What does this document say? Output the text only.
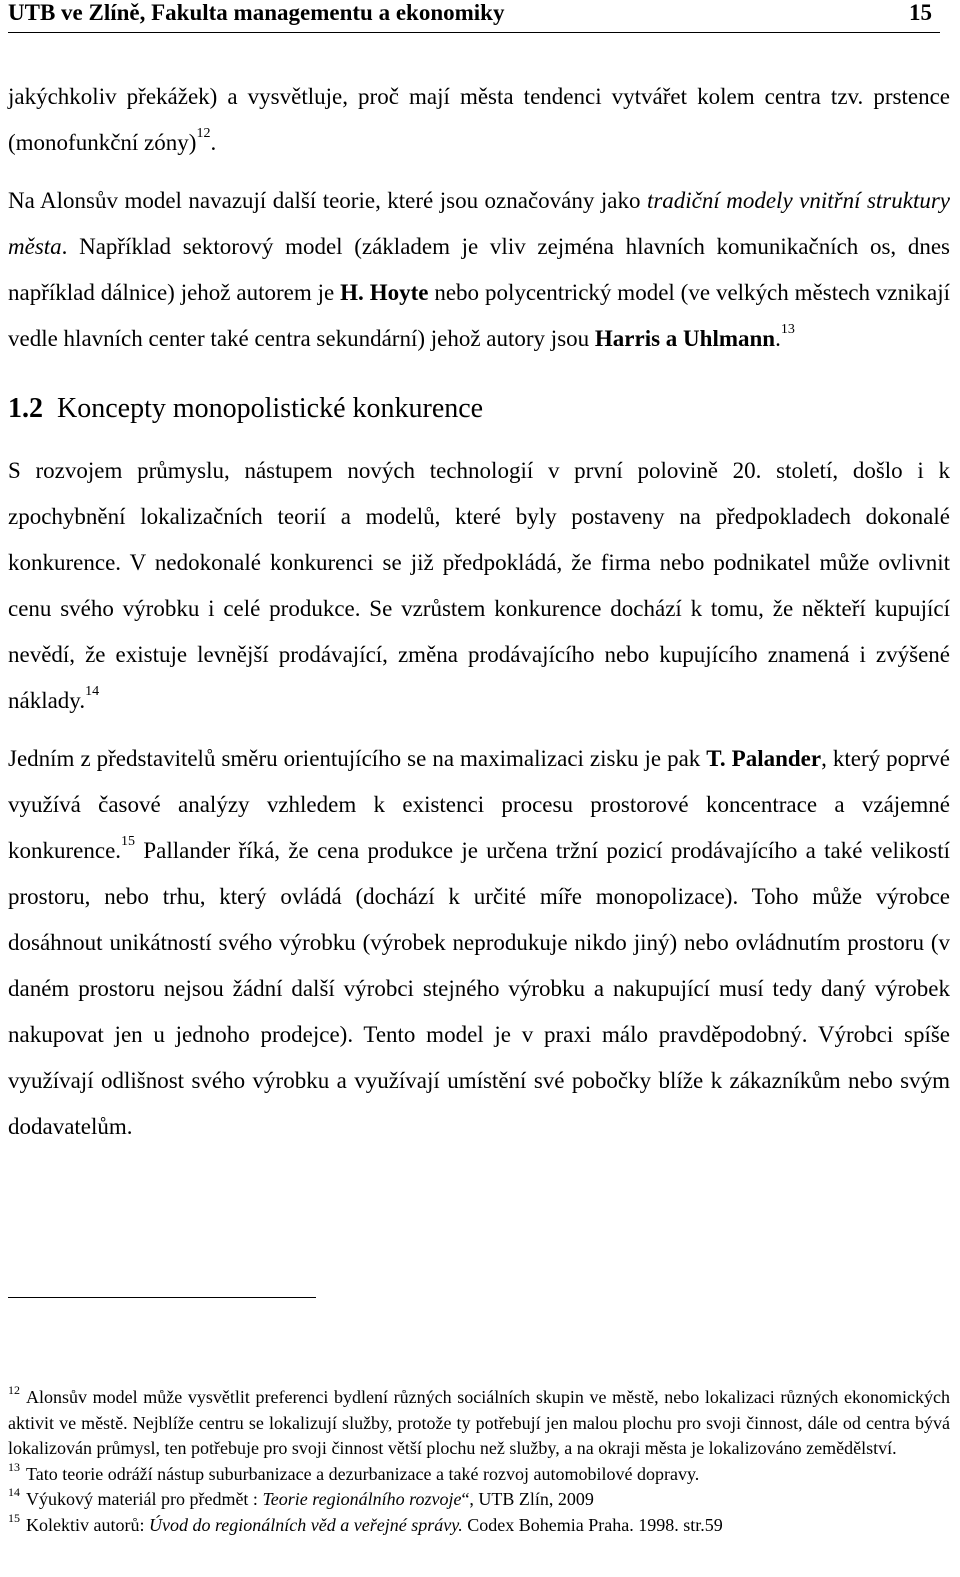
UTB ve Zlíně, Fakulta managementu a ekonomiky	15

jakýchkoliv překážek) a vysvětluje, proč mají města tendenci vytvářet kolem centra tzv. prstence (monofunkční zóny)$^{12}$.

Na Alonsův model navazují další teorie, které jsou označovány jako tradiční modely vnitřní struktury města. Například sektorový model (základem je vliv zejména hlavních komunikačních os, dnes například dálnice) jehož autorem je H. Hoyte nebo polycentrický model (ve velkých městech vznikají vedle hlavních center také centra sekundární) jehož autory jsou Harris a Uhlmann.$^{13}$

1.2 Koncepty monopolistické konkurence

S rozvojem průmyslu, nástupem nových technologií v první polovině 20. století, došlo i k zpochybnění lokalizačních teorií a modelů, které byly postaveny na předpokladech dokonalé konkurence. V nedokonalé konkurenci se již předpokládá, že firma nebo podnikatel může ovlivnit cenu svého výrobku i celé produkce. Se vzrůstem konkurence dochází k tomu, že někteří kupující nevědí, že existuje levnější prodávající, změna prodávajícího nebo kupujícího znamená i zvýšené náklady.$^{14}$

Jedním z představitelů směru orientujícího se na maximalizaci zisku je pak T. Palander, který poprvé využívá časové analýzy vzhledem k existenci procesu prostorové koncentrace a vzájemné konkurence.$^{15}$ Pallander říká, že cena produkce je určena tržní pozicí prodávajícího a také velikostí prostoru, nebo trhu, který ovládá (dochází k určité míře monopolizace). Toho může výrobce dosáhnout unikátností svého výrobku (výrobek neprodukuje nikdo jiný) nebo ovládnutím prostoru (v daném prostoru nejsou žádní další výrobci stejného výrobku a nakupující musí tedy daný výrobek nakupovat jen u jednoho prodejce). Tento model je v praxi málo pravděpodobný. Výrobci spíše využívají odlišnost svého výrobku a využívají umístění své pobočky blíže k zákazníkům nebo svým dodavatelům.

$^{12}$ Alonsův model může vysvětlit preferenci bydlení různých sociálních skupin ve městě, nebo lokalizaci různých ekonomických aktivit ve městě. Nejblíže centru se lokalizují služby, protože ty potřebují jen malou plochu pro svoji činnost, dále od centra bývá lokalizován průmysl, ten potřebuje pro svoji činnost větší plochu než služby, a na okraji města je lokalizováno zemědělství.

$^{13}$ Tato teorie odráží nástup suburbanizace a dezurbanizace a také rozvoj automobilové dopravy.

$^{14}$ Výukový materiál pro předmět : Teorie regionálního rozvoje“, UTB Zlín, 2009

$^{15}$ Kolektiv autorů: Úvod do regionálních věd a veřejné správy. Codex Bohemia Praha. 1998. str.59
